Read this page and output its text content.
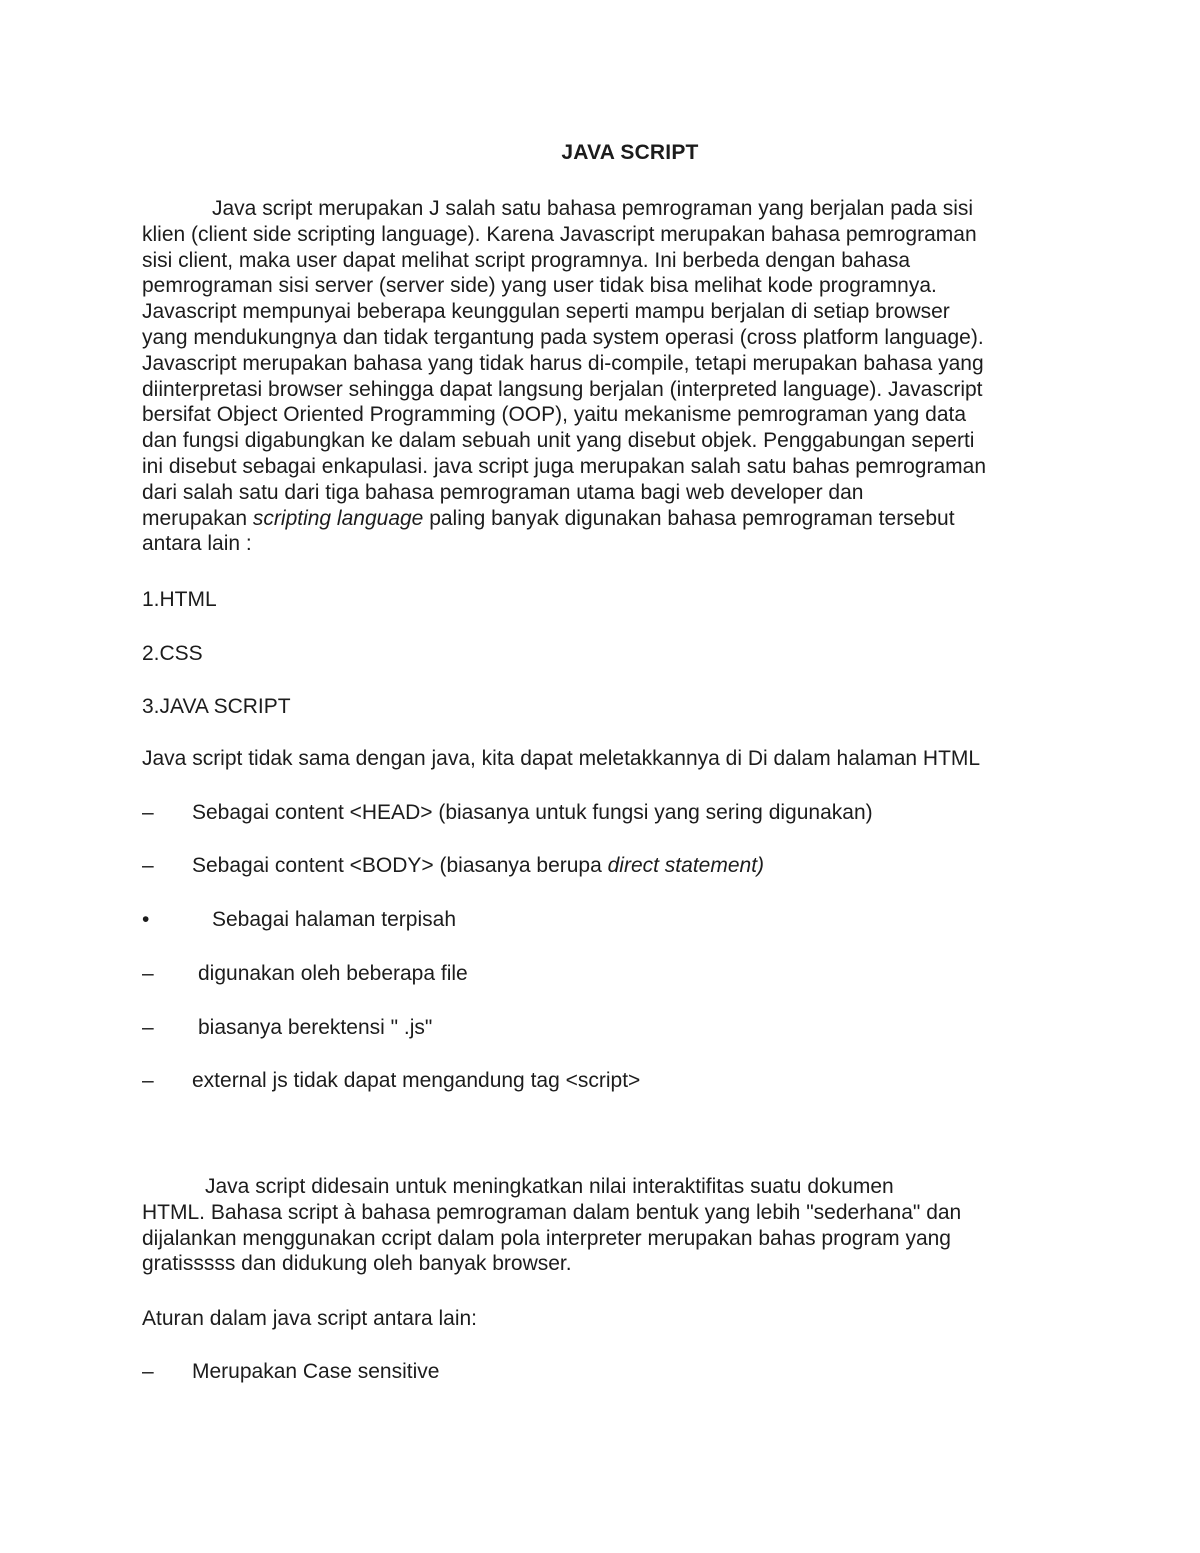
JAVA SCRIPT
Java script merupakan J salah satu bahasa pemrograman yang berjalan pada sisi
klien (client side scripting language). Karena Javascript merupakan bahasa pemrograman
sisi client, maka user dapat melihat script programnya. Ini berbeda dengan bahasa
pemrograman sisi server (server side) yang user tidak bisa melihat kode programnya.
Javascript mempunyai beberapa keunggulan seperti mampu berjalan di setiap browser
yang mendukungnya dan tidak tergantung pada system operasi (cross platform language).
Javascript merupakan bahasa yang tidak harus di-compile, tetapi merupakan bahasa yang
diinterpretasi browser sehingga dapat langsung berjalan (interpreted language). Javascript
bersifat Object Oriented Programming (OOP), yaitu mekanisme pemrograman yang data
dan fungsi digabungkan ke dalam sebuah unit yang disebut objek. Penggabungan seperti
ini disebut sebagai enkapulasi. java script juga merupakan salah satu bahas pemrograman
dari salah satu dari tiga bahasa pemrograman utama bagi web developer dan
merupakan scripting language paling banyak digunakan bahasa pemrograman tersebut
antara lain :
1.HTML
2.CSS
3.JAVA SCRIPT
Java script tidak sama dengan java, kita dapat meletakkannya di Di dalam halaman HTML
– Sebagai content <HEAD> (biasanya untuk fungsi yang sering digunakan)
– Sebagai content <BODY> (biasanya berupa direct statement)
•	Sebagai halaman terpisah
– digunakan oleh beberapa file
– biasanya berektensi " .js"
– external js tidak dapat mengandung tag <script>
Java script didesain untuk meningkatkan nilai interaktifitas suatu dokumen
HTML. Bahasa script à bahasa pemrograman dalam bentuk yang lebih "sederhana" dan
dijalankan menggunakan ccript dalam pola interpreter merupakan bahas program yang
gratisssss dan didukung oleh banyak browser.
Aturan dalam java script antara lain:
– Merupakan Case sensitive
